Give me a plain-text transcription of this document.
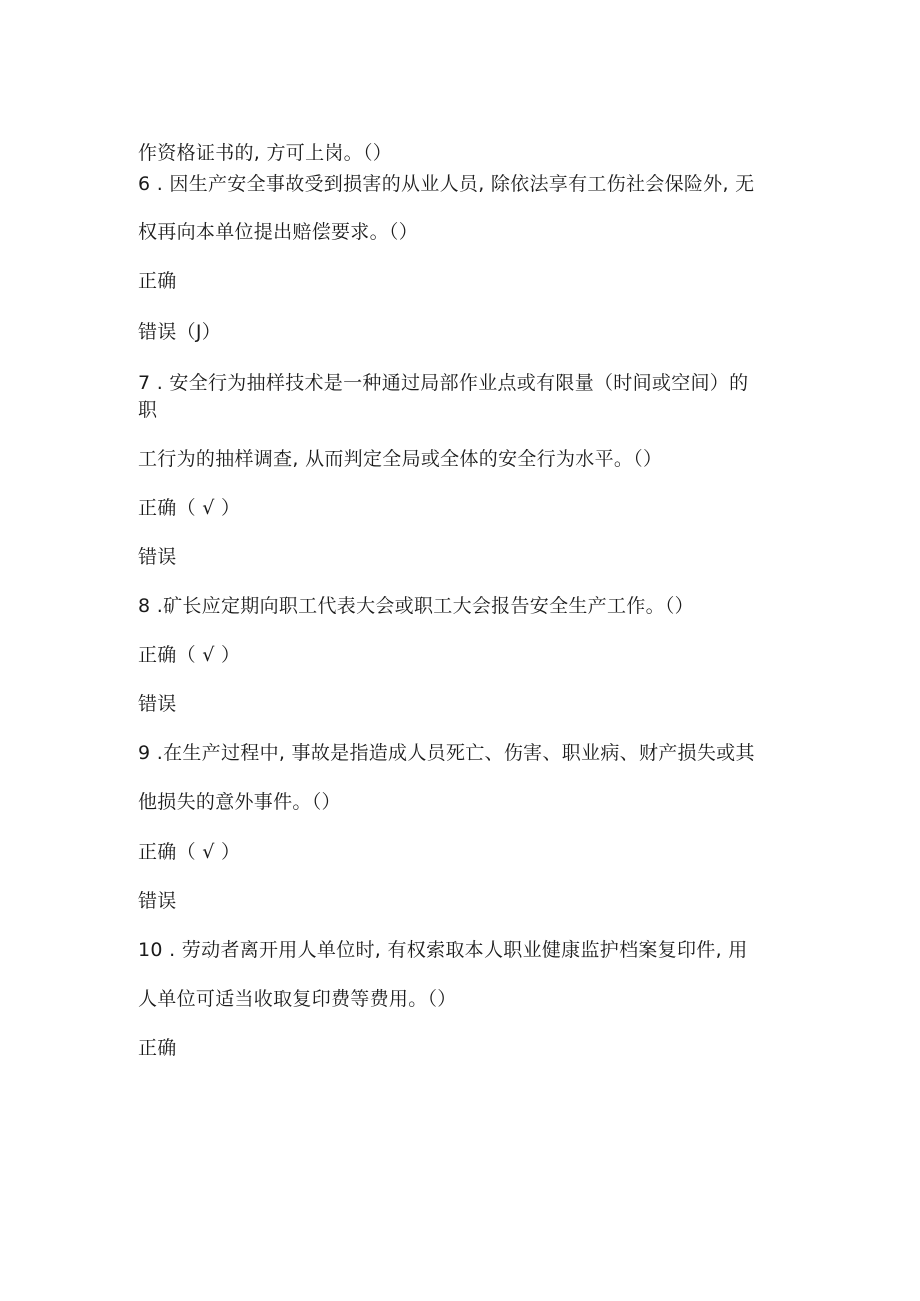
作资格证书的, 方可上岗。（）
6 . 因生产安全事故受到损害的从业人员, 除依法享有工伤社会保险外, 无
权再向本单位提出赔偿要求。（）
正确
错误（J）
7 . 安全行为抽样技术是一种通过局部作业点或有限量（时间或空间）的
职
工行为的抽样调查, 从而判定全局或全体的安全行为水平。（）
正确（ √ ）
错误
8 .矿长应定期向职工代表大会或职工大会报告安全生产工作。（）
正确（ √ ）
错误
9 .在生产过程中, 事故是指造成人员死亡、伤害、职业病、财产损失或其
他损失的意外事件。（）
正确（ √ ）
错误
10 . 劳动者离开用人单位时, 有权索取本人职业健康监护档案复印件, 用
人单位可适当收取复印费等费用。（）
正确
